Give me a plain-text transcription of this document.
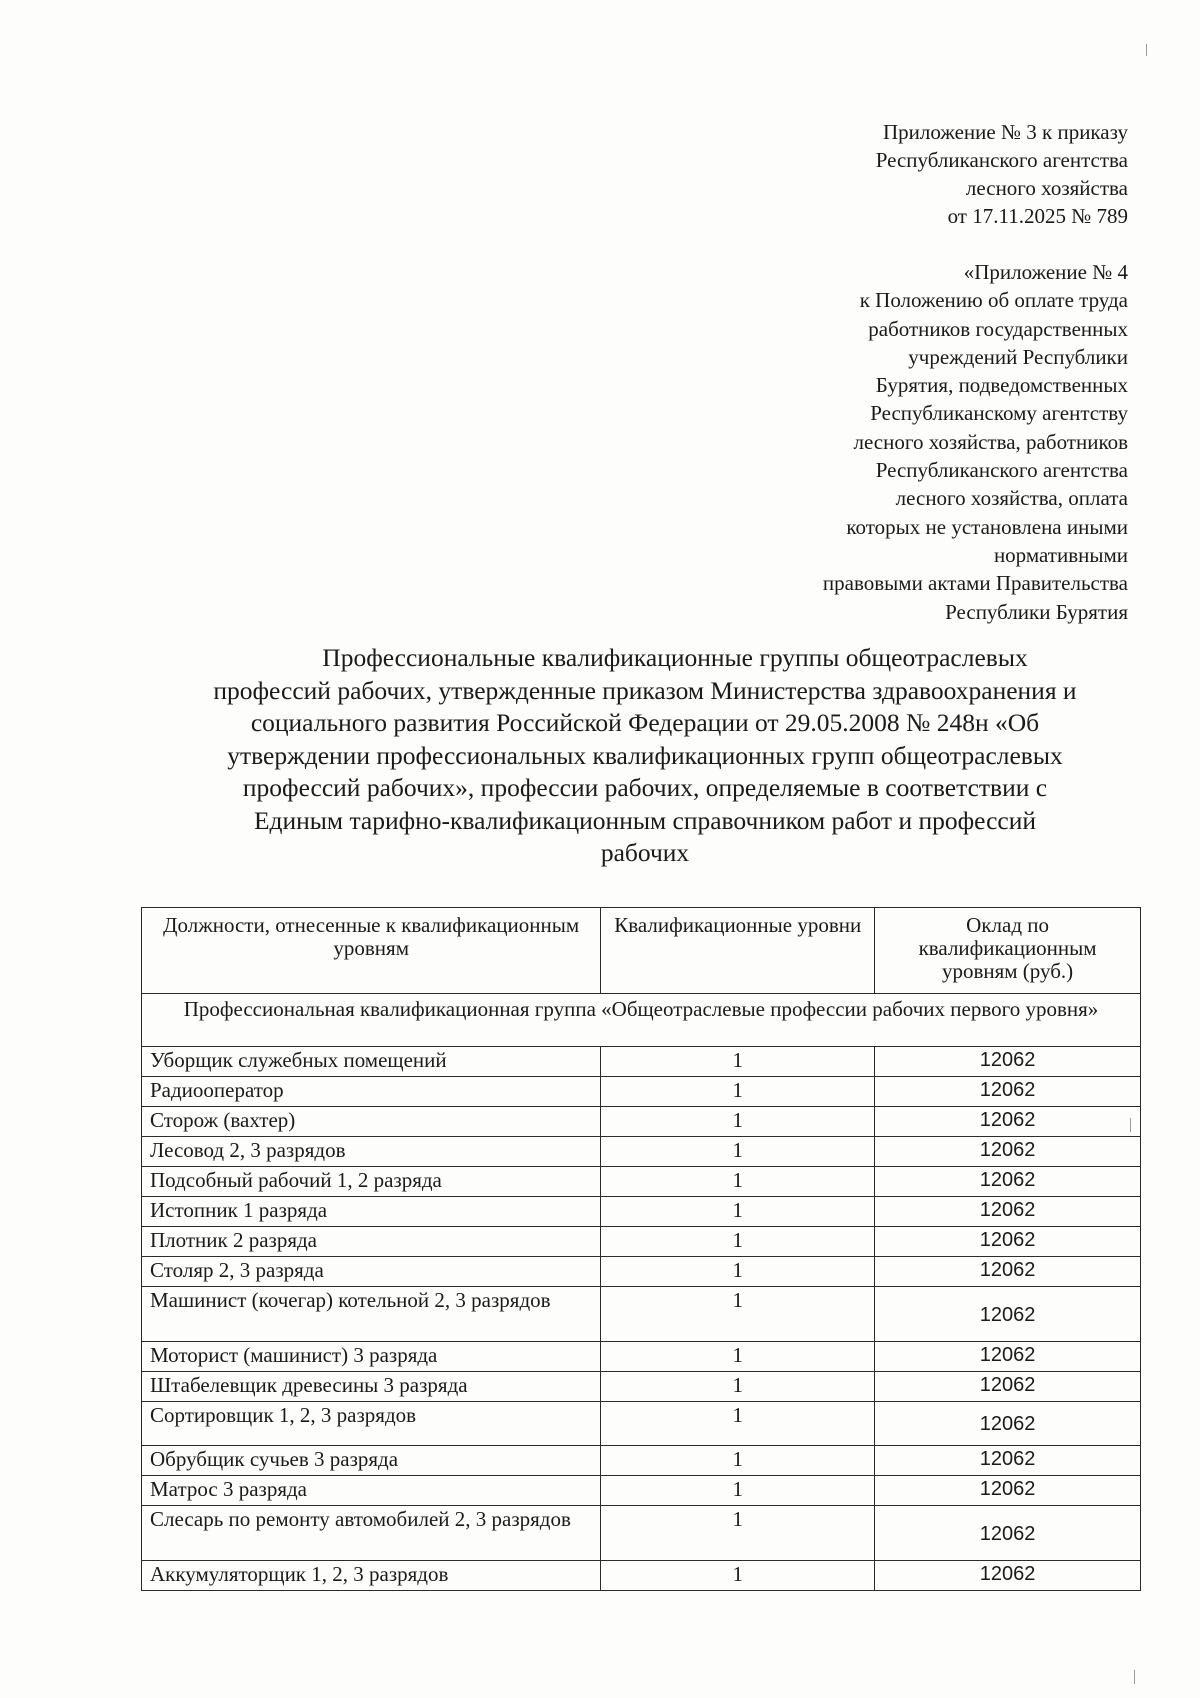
Приложение № 3 к приказу
Республиканского агентства
лесного хозяйства
от 17.11.2025 № 789
«Приложение № 4
к Положению об оплате труда
работников государственных
учреждений Республики
Бурятия, подведомственных
Республиканскому агентству
лесного хозяйства, работников
Республиканского агентства
лесного хозяйства, оплата
которых не установлена иными
нормативными
правовыми актами Правительства
Республики Бурятия
Профессиональные квалификационные группы общеотраслевых
профессий рабочих, утвержденные приказом Министерства здравоохранения и
социального развития Российской Федерации от 29.05.2008 № 248н «Об
утверждении профессиональных квалификационных групп общеотраслевых
профессий рабочих», профессии рабочих, определяемые в соответствии с
Единым тарифно-квалификационным справочником работ и профессий
рабочих
Должности, отнесенные к квалификационным уровням	Квалификационные уровни	Оклад по квалификационным уровням (руб.)
Профессиональная квалификационная группа «Общеотраслевые профессии рабочих первого уровня»		
Уборщик служебных помещений	1	12062
Радиооператор	1	12062
Сторож (вахтер)	1	12062
Лесовод 2, 3 разрядов	1	12062
Подсобный рабочий 1, 2 разряда	1	12062
Истопник 1 разряда	1	12062
Плотник 2 разряда	1	12062
Столяр 2, 3 разряда	1	12062
Машинист (кочегар) котельной 2, 3 разрядов	1	12062
Моторист (машинист) 3 разряда	1	12062
Штабелевщик древесины 3 разряда	1	12062
Сортировщик 1, 2, 3 разрядов	1	12062
Обрубщик сучьев 3 разряда	1	12062
Матрос 3 разряда	1	12062
Слесарь по ремонту автомобилей 2, 3 разрядов	1	12062
Аккумуляторщик 1, 2, 3 разрядов	1	12062
